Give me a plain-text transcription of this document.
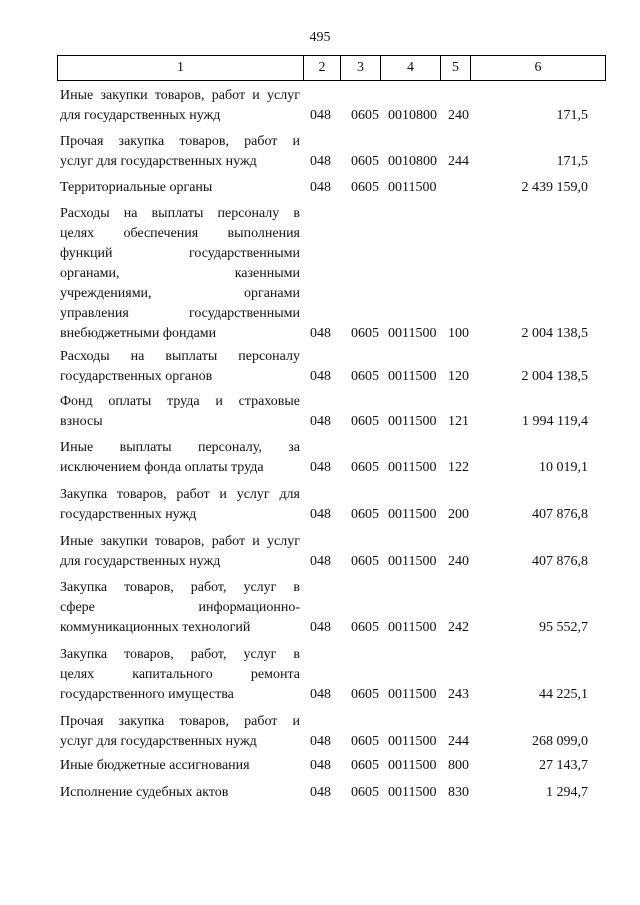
495
1	2	3	4	5	6
Иные закупки товаров, работ и услуг
для государственных нужд	048 0605 0010800 240	171,5
Прочая закупка товаров, работ и
услуг для государственных нужд	048 0605 0010800 244	171,5
Территориальные органы	048 0605 0011500	2 439 159,0
Расходы на выплаты персоналу в
целях обеспечения выполнения
функций государственными
органами, казенными
учреждениями, органами
управления государственными
внебюджетными фондами	048 0605 0011500 100	2 004 138,5
Расходы на выплаты персоналу
государственных органов	048 0605 0011500 120	2 004 138,5
Фонд оплаты труда и страховые
взносы	048 0605 0011500 121	1 994 119,4
Иные выплаты персоналу, за
исключением фонда оплаты труда	048 0605 0011500 122	10 019,1
Закупка товаров, работ и услуг для
государственных нужд	048 0605 0011500 200	407 876,8
Иные закупки товаров, работ и услуг
для государственных нужд	048 0605 0011500 240	407 876,8
Закупка товаров, работ, услуг в
сфере информационно-
коммуникационных технологий	048 0605 0011500 242	95 552,7
Закупка товаров, работ, услуг в
целях капитального ремонта
государственного имущества	048 0605 0011500 243	44 225,1
Прочая закупка товаров, работ и
услуг для государственных нужд	048 0605 0011500 244	268 099,0
Иные бюджетные ассигнования	048 0605 0011500 800	27 143,7
Исполнение судебных актов	048 0605 0011500 830	1 294,7
